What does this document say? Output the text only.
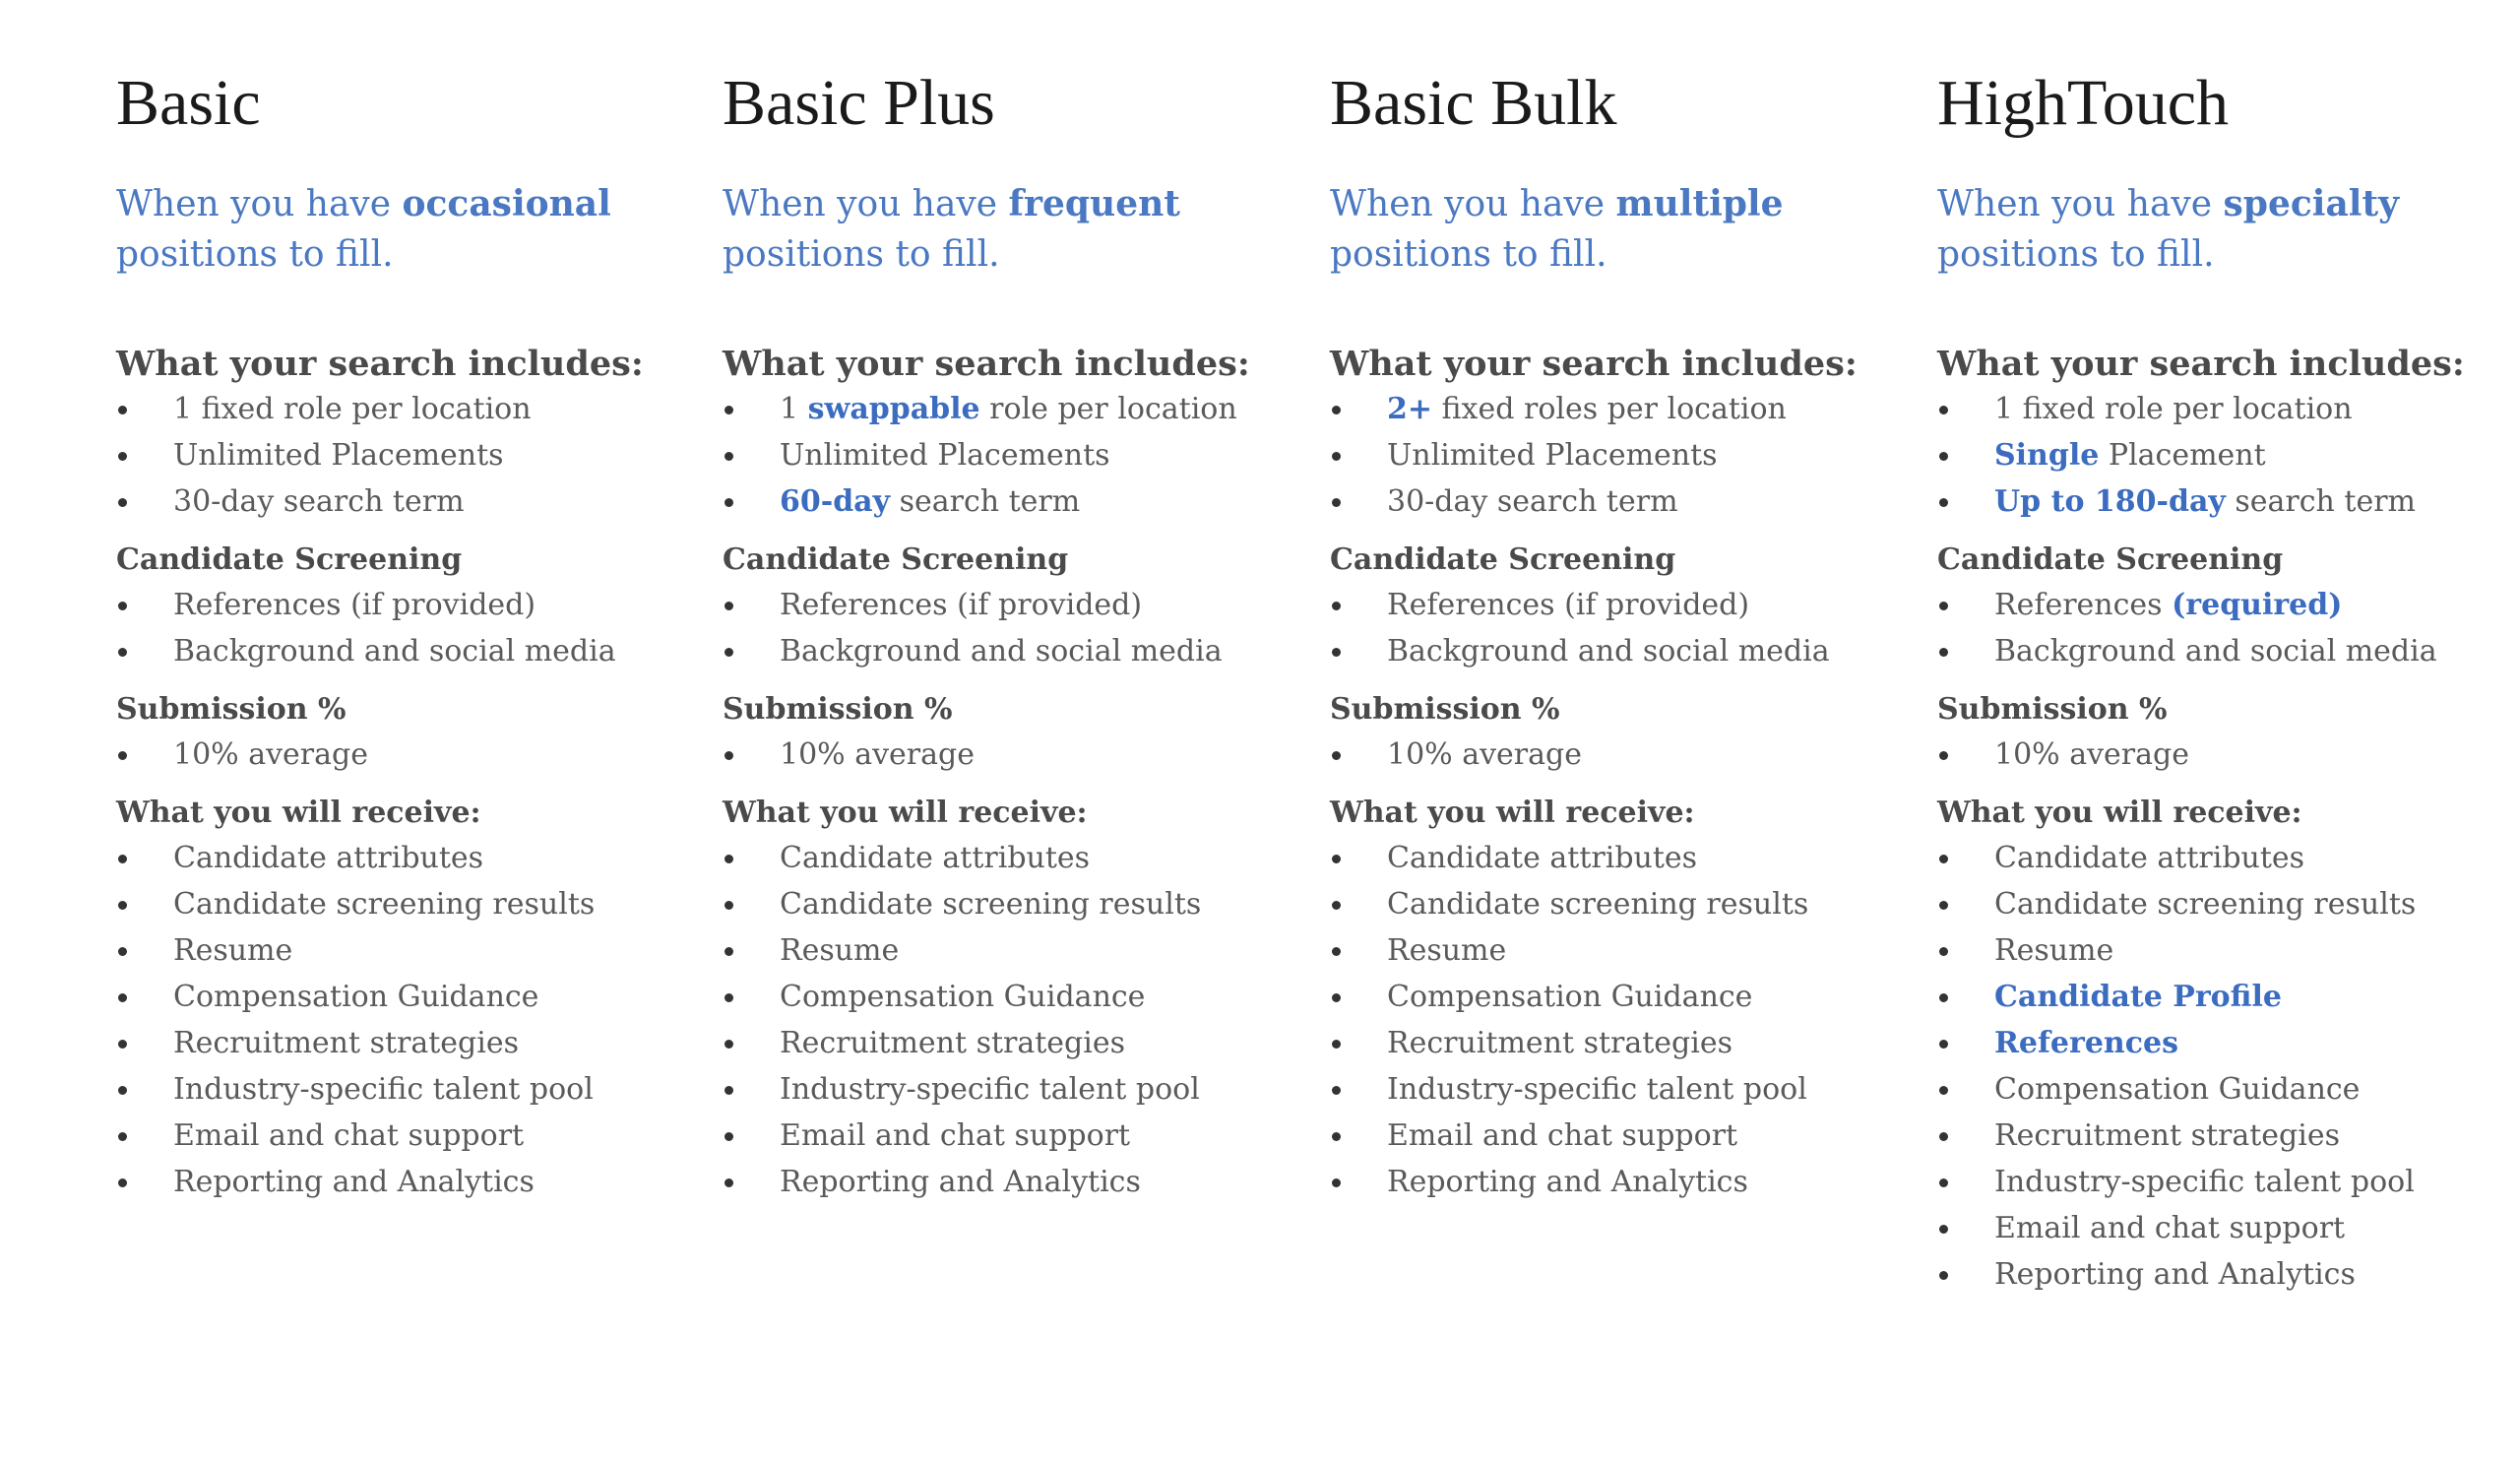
Basic

When you have occasional positions to fill.

What your search includes:
1 fixed role per location
Unlimited Placements
30-day search term
Candidate Screening
References (if provided)
Background and social media
Submission %
10% average
What you will receive:
Candidate attributes
Candidate screening results
Resume
Compensation Guidance
Recruitment strategies
Industry-specific talent pool
Email and chat support
Reporting and Analytics
Basic Plus

When you have frequent positions to fill.

What your search includes:
1 swappable role per location
Unlimited Placements
60-day search term
Candidate Screening
References (if provided)
Background and social media
Submission %
10% average
What you will receive:
Candidate attributes
Candidate screening results
Resume
Compensation Guidance
Recruitment strategies
Industry-specific talent pool
Email and chat support
Reporting and Analytics
Basic Bulk

When you have multiple positions to fill.

What your search includes:
2+ fixed roles per location
Unlimited Placements
30-day search term
Candidate Screening
References (if provided)
Background and social media
Submission %
10% average
What you will receive:
Candidate attributes
Candidate screening results
Resume
Compensation Guidance
Recruitment strategies
Industry-specific talent pool
Email and chat support
Reporting and Analytics
HighTouch

When you have specialty positions to fill.

What your search includes:
1 fixed role per location
Single Placement
Up to 180-day search term
Candidate Screening
References (required)
Background and social media
Submission %
10% average
What you will receive:
Candidate attributes
Candidate screening results
Resume
Candidate Profile
References
Compensation Guidance
Recruitment strategies
Industry-specific talent pool
Email and chat support
Reporting and Analytics
